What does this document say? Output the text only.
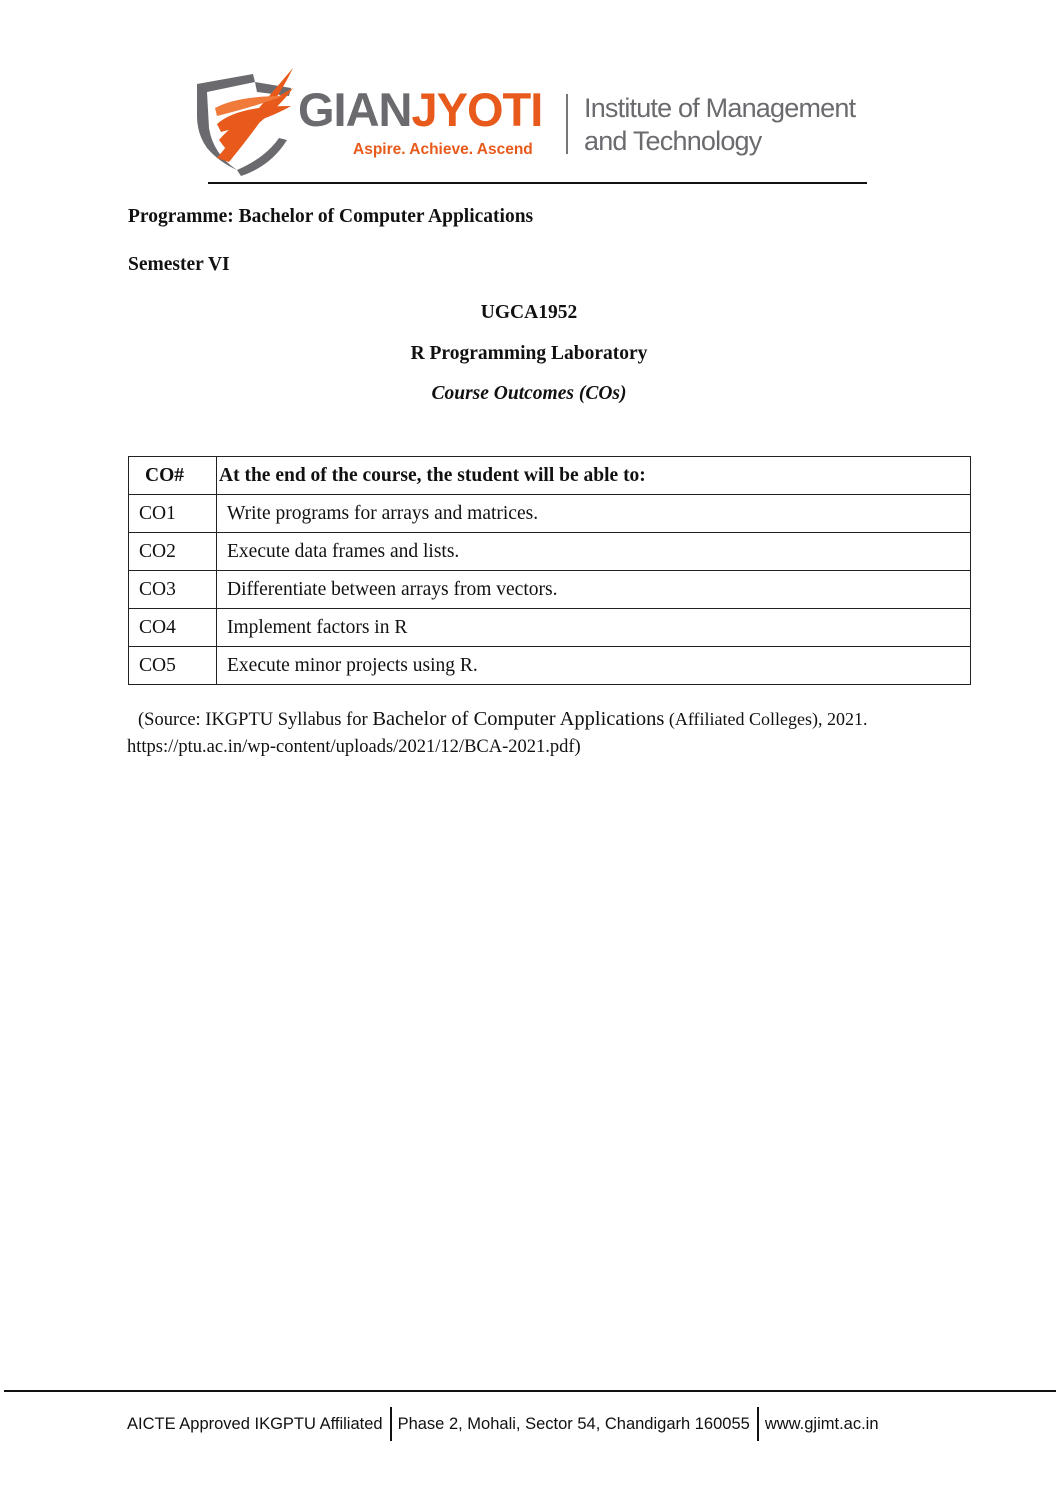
GIANJYOTI
Aspire. Achieve. Ascend
Institute of Management
and Technology
Programme: Bachelor of Computer Applications
Semester VI
UGCA1952
R Programming Laboratory
Course Outcomes (COs)
CO#	At the end of the course, the student will be able to:
CO1	Write programs for arrays and matrices.
CO2	Execute data frames and lists.
CO3	Differentiate between arrays from vectors.
CO4	Implement factors in R
CO5	Execute minor projects using R.
(Source: IKGPTU Syllabus for Bachelor of Computer Applications (Affiliated Colleges), 2021.
https://ptu.ac.in/wp-content/uploads/2021/12/BCA-2021.pdf)
AICTE Approved IKGPTU Affiliated Phase 2, Mohali, Sector 54, Chandigarh 160055 www.gjimt.ac.in
